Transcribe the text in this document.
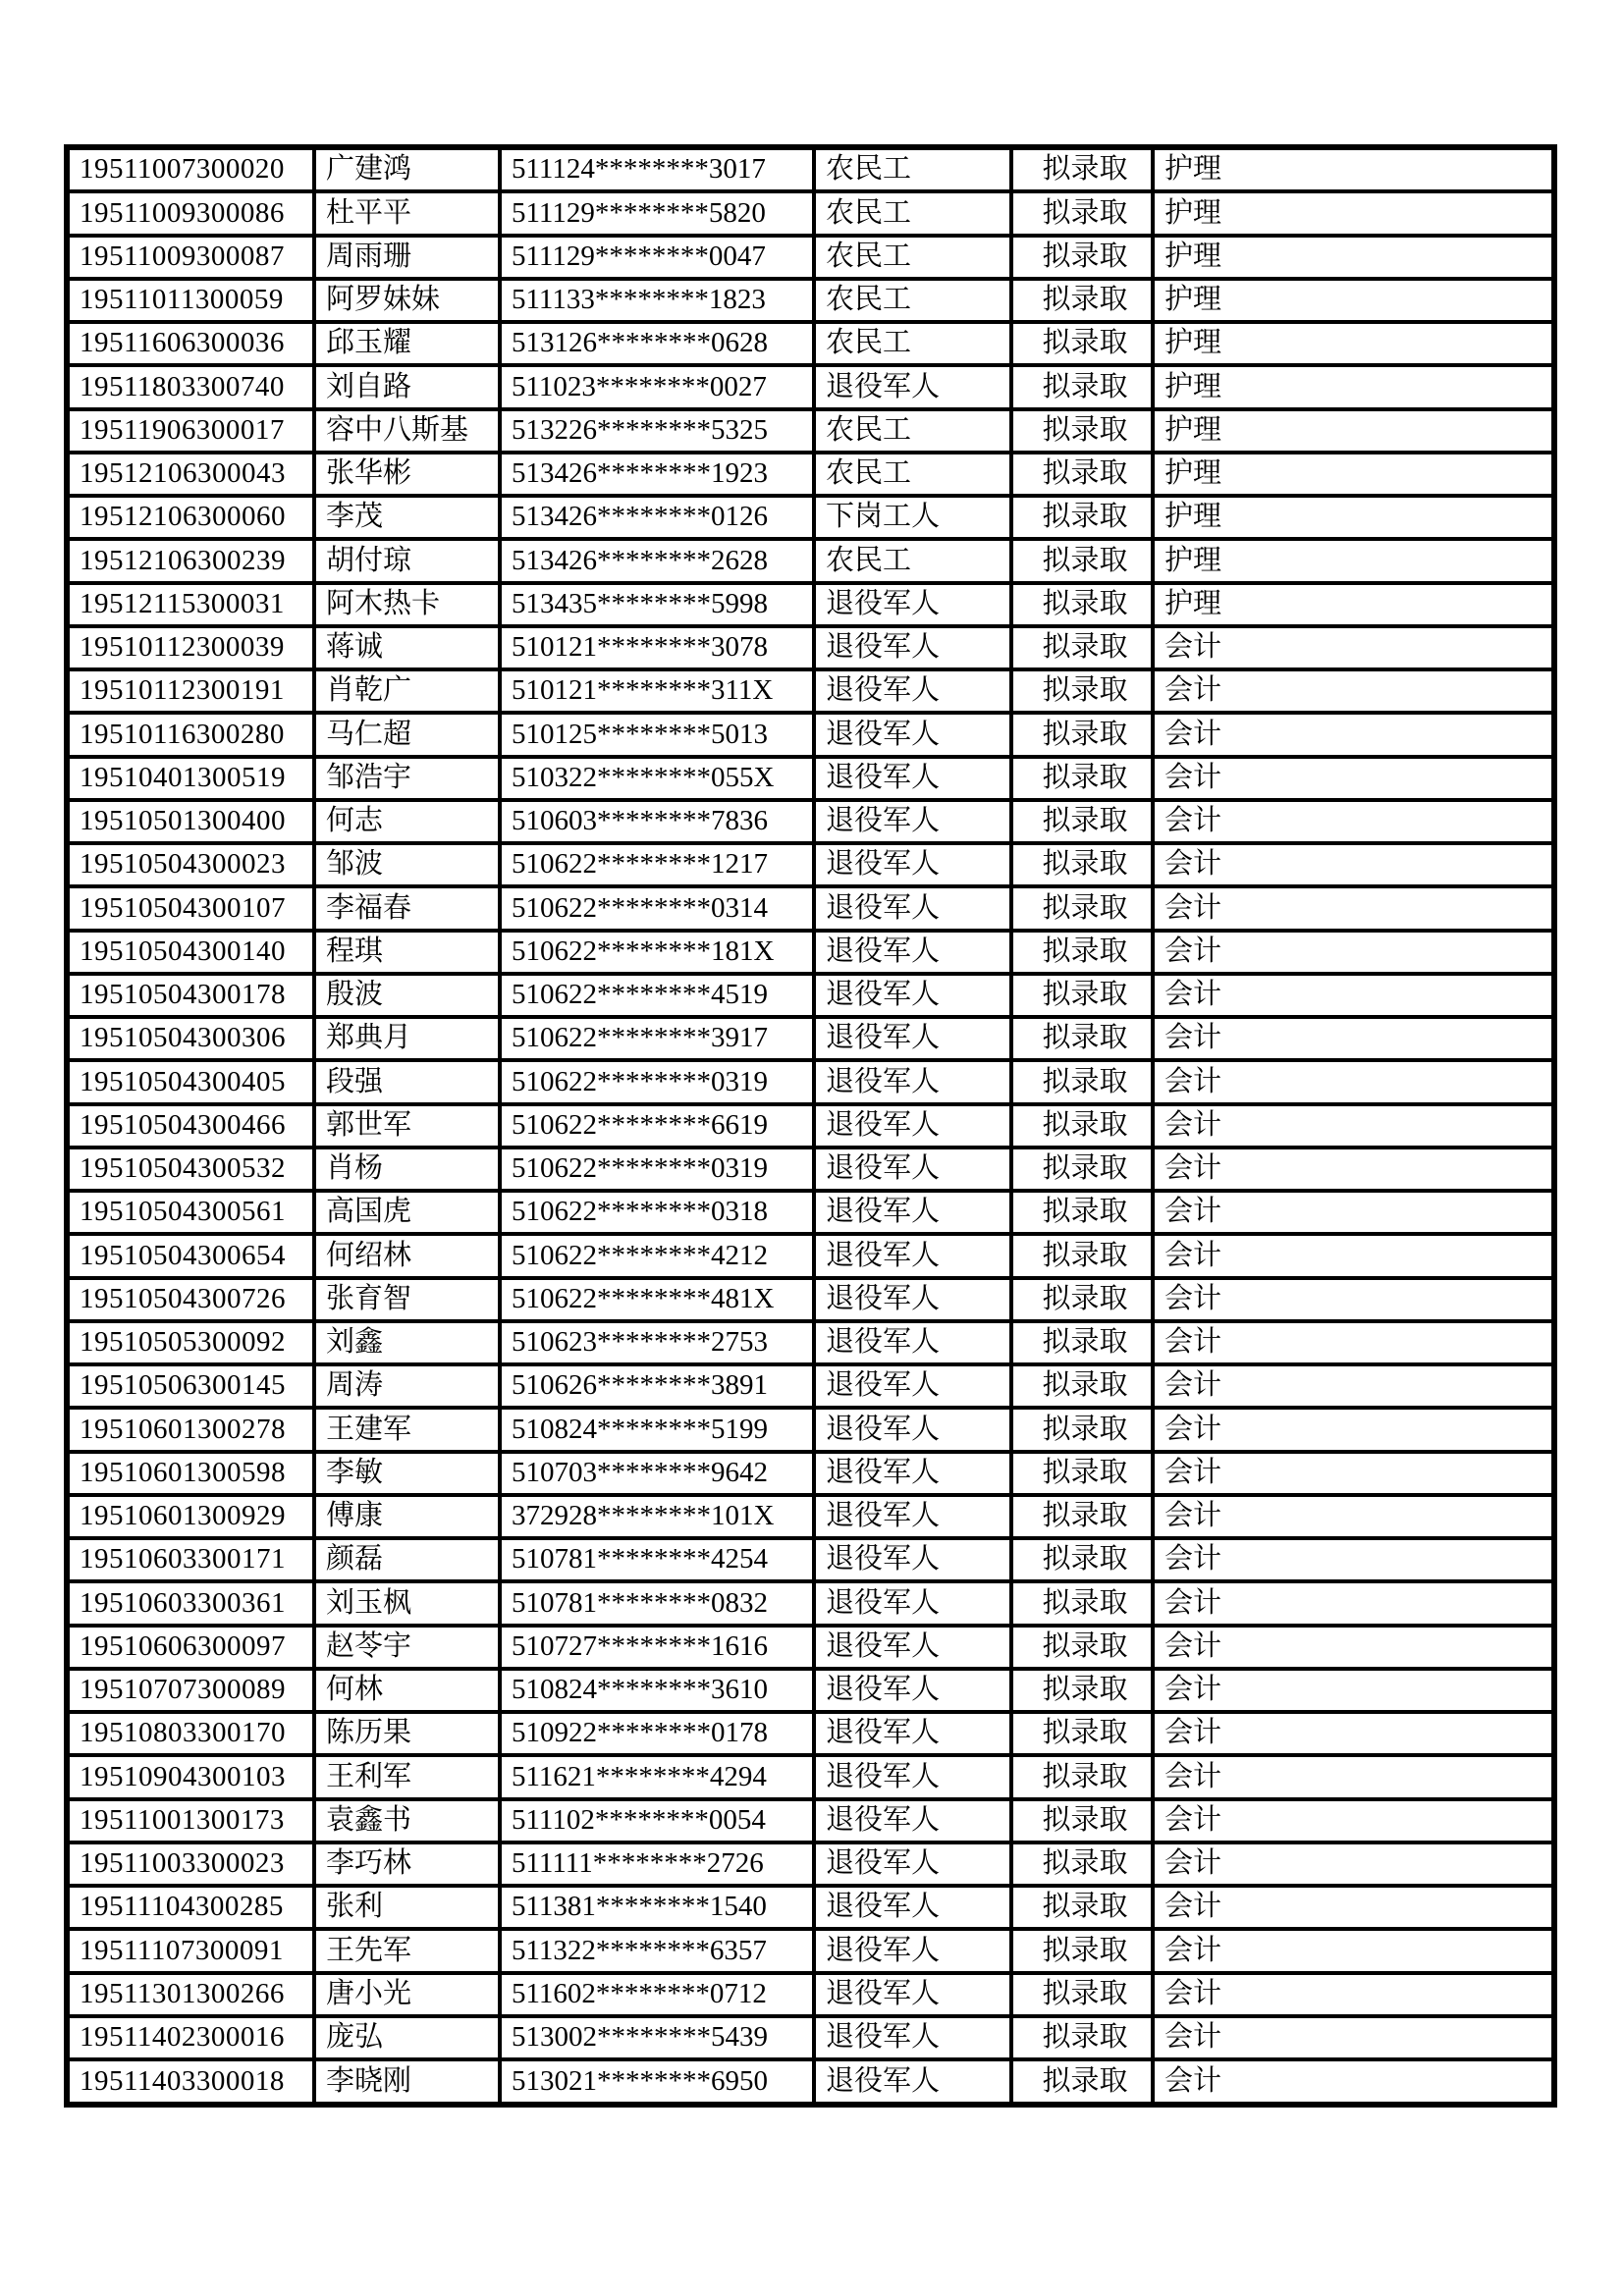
19511007300020	广建鸿	511124********3017	农民工	拟录取	护理
19511009300086	杜平平	511129********5820	农民工	拟录取	护理
19511009300087	周雨珊	511129********0047	农民工	拟录取	护理
19511011300059	阿罗妹妹	511133********1823	农民工	拟录取	护理
19511606300036	邱玉耀	513126********0628	农民工	拟录取	护理
19511803300740	刘自路	511023********0027	退役军人	拟录取	护理
19511906300017	容中八斯基	513226********5325	农民工	拟录取	护理
19512106300043	张华彬	513426********1923	农民工	拟录取	护理
19512106300060	李茂	513426********0126	下岗工人	拟录取	护理
19512106300239	胡付琼	513426********2628	农民工	拟录取	护理
19512115300031	阿木热卡	513435********5998	退役军人	拟录取	护理
19510112300039	蒋诚	510121********3078	退役军人	拟录取	会计
19510112300191	肖乾广	510121********311X	退役军人	拟录取	会计
19510116300280	马仁超	510125********5013	退役军人	拟录取	会计
19510401300519	邹浩宇	510322********055X	退役军人	拟录取	会计
19510501300400	何志	510603********7836	退役军人	拟录取	会计
19510504300023	邹波	510622********1217	退役军人	拟录取	会计
19510504300107	李福春	510622********0314	退役军人	拟录取	会计
19510504300140	程琪	510622********181X	退役军人	拟录取	会计
19510504300178	殷波	510622********4519	退役军人	拟录取	会计
19510504300306	郑典月	510622********3917	退役军人	拟录取	会计
19510504300405	段强	510622********0319	退役军人	拟录取	会计
19510504300466	郭世军	510622********6619	退役军人	拟录取	会计
19510504300532	肖杨	510622********0319	退役军人	拟录取	会计
19510504300561	高国虎	510622********0318	退役军人	拟录取	会计
19510504300654	何绍林	510622********4212	退役军人	拟录取	会计
19510504300726	张育智	510622********481X	退役军人	拟录取	会计
19510505300092	刘鑫	510623********2753	退役军人	拟录取	会计
19510506300145	周涛	510626********3891	退役军人	拟录取	会计
19510601300278	王建军	510824********5199	退役军人	拟录取	会计
19510601300598	李敏	510703********9642	退役军人	拟录取	会计
19510601300929	傅康	372928********101X	退役军人	拟录取	会计
19510603300171	颜磊	510781********4254	退役军人	拟录取	会计
19510603300361	刘玉枫	510781********0832	退役军人	拟录取	会计
19510606300097	赵苓宇	510727********1616	退役军人	拟录取	会计
19510707300089	何林	510824********3610	退役军人	拟录取	会计
19510803300170	陈历果	510922********0178	退役军人	拟录取	会计
19510904300103	王利军	511621********4294	退役军人	拟录取	会计
19511001300173	袁鑫书	511102********0054	退役军人	拟录取	会计
19511003300023	李巧林	511111********2726	退役军人	拟录取	会计
19511104300285	张利	511381********1540	退役军人	拟录取	会计
19511107300091	王先军	511322********6357	退役军人	拟录取	会计
19511301300266	唐小光	511602********0712	退役军人	拟录取	会计
19511402300016	庞弘	513002********5439	退役军人	拟录取	会计
19511403300018	李晓刚	513021********6950	退役军人	拟录取	会计
